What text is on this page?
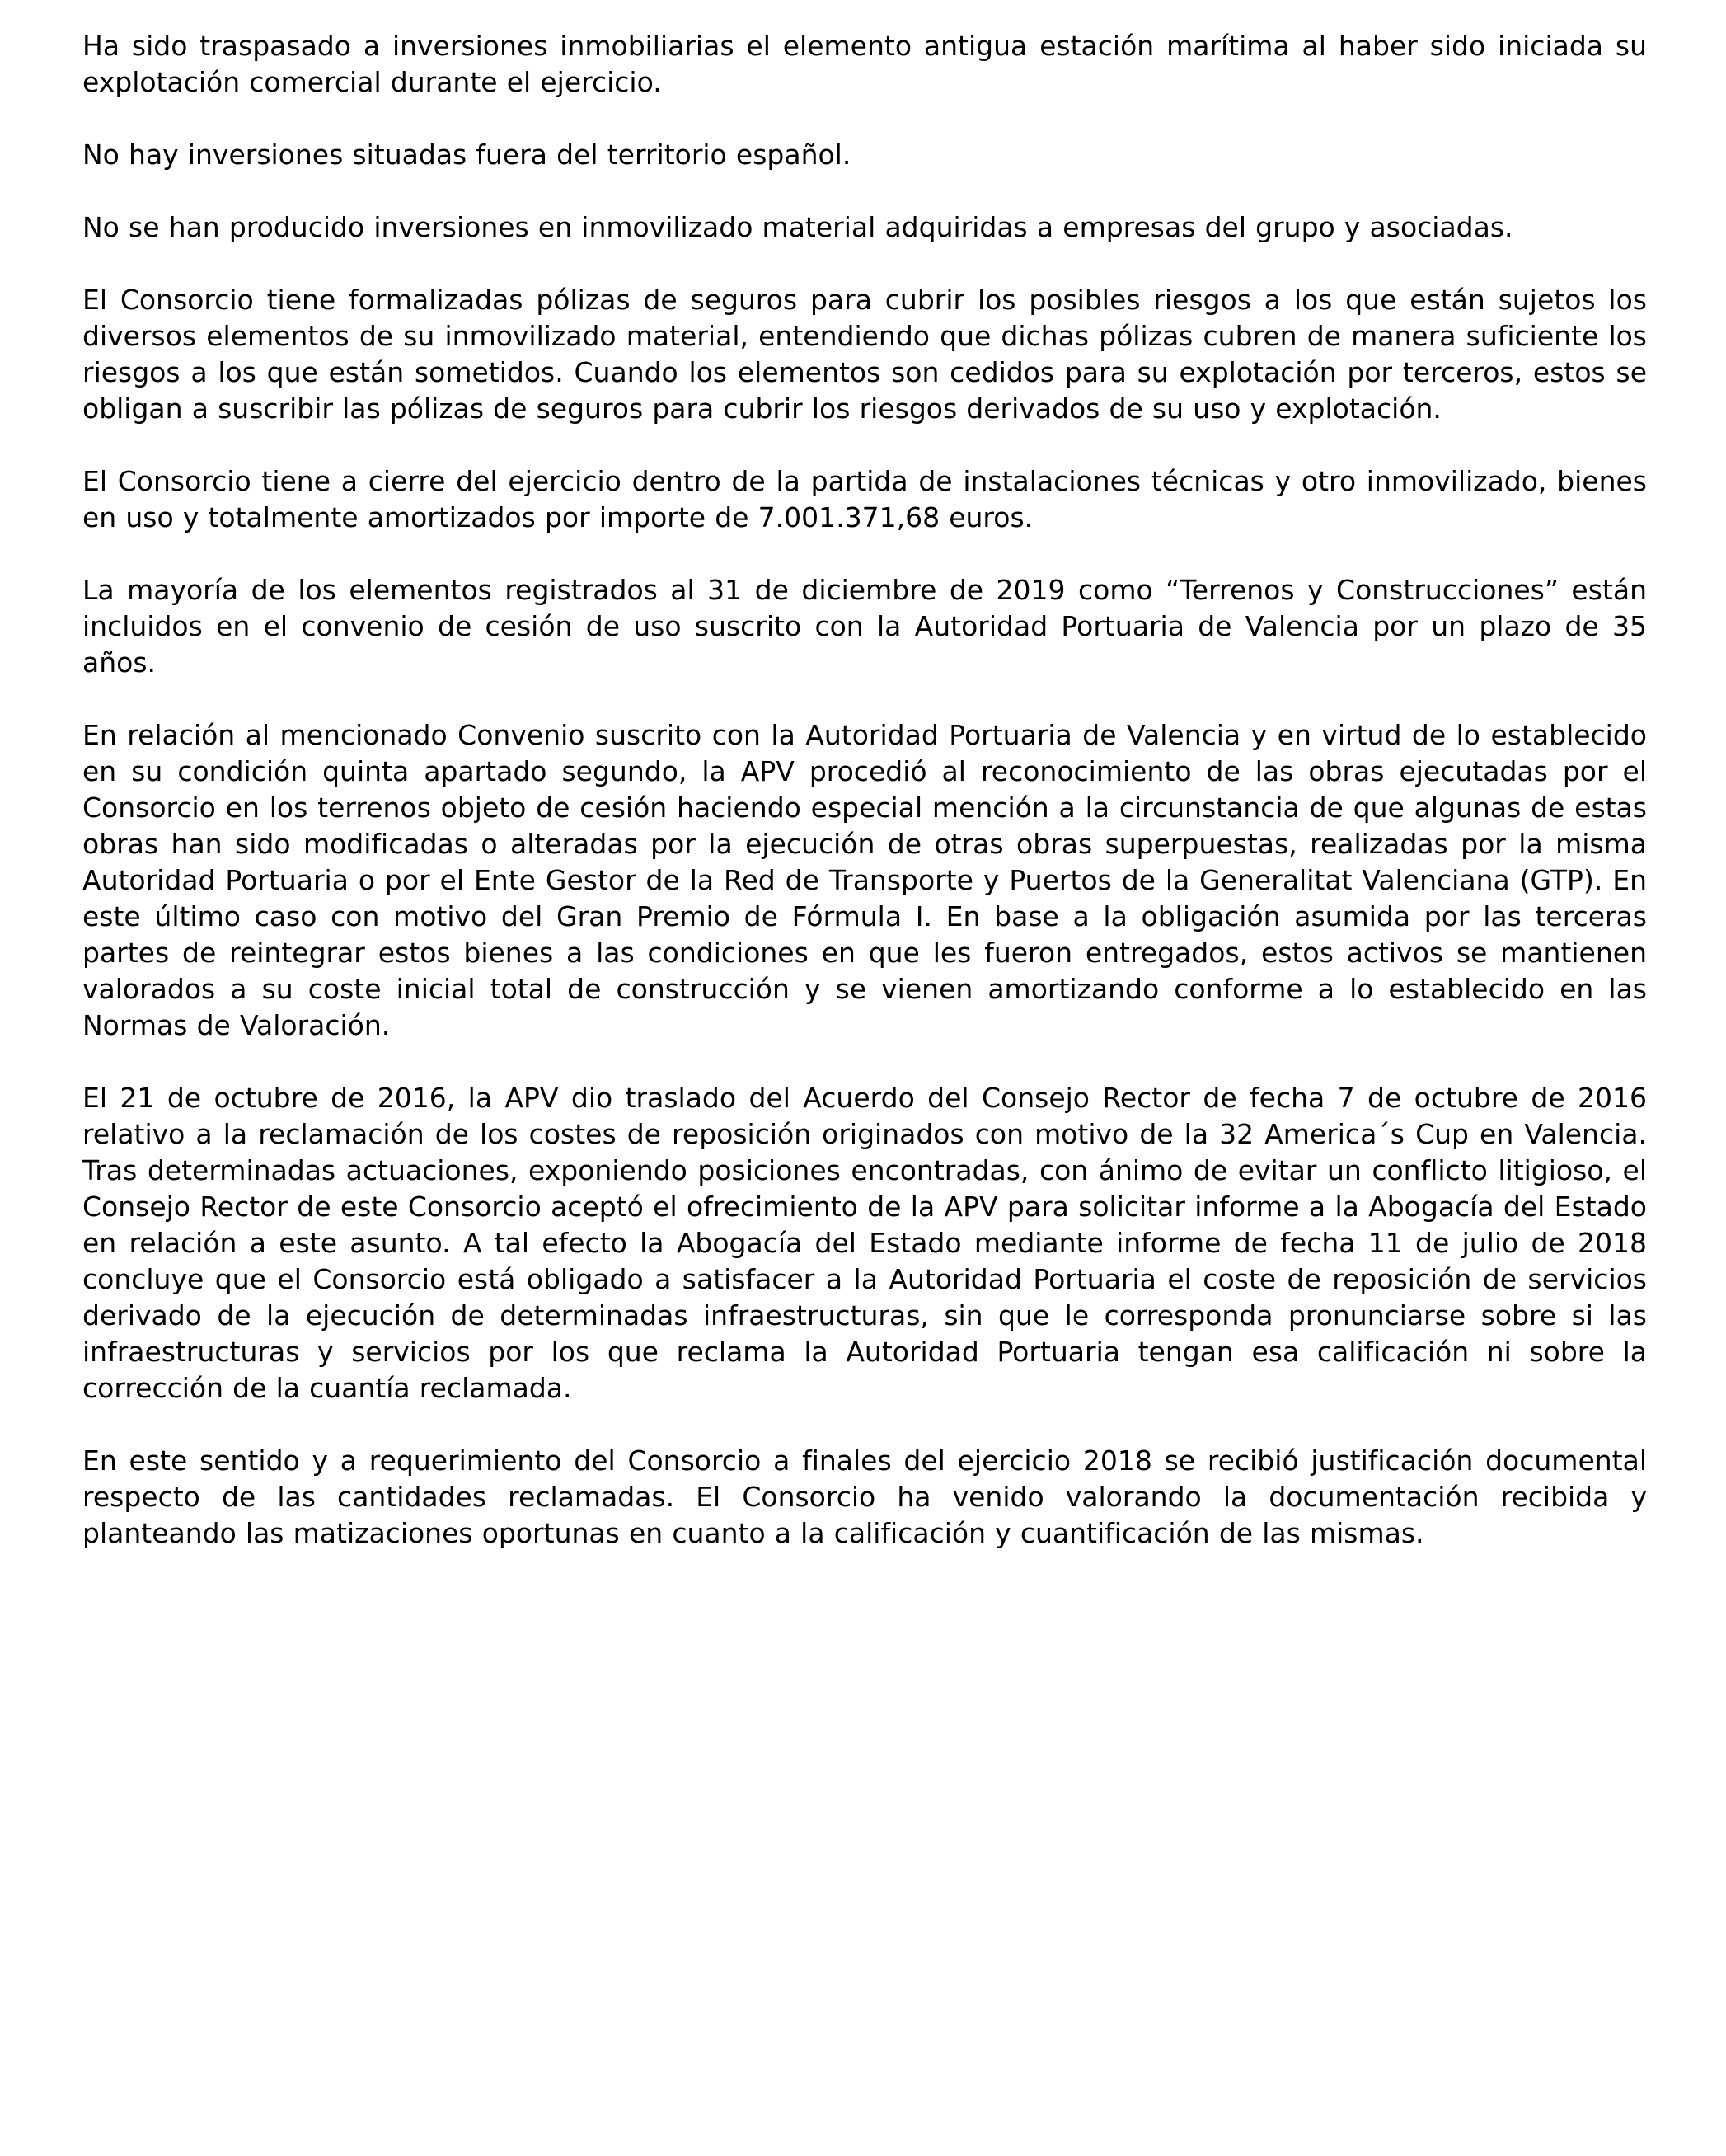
Ha sido traspasado a inversiones inmobiliarias el elemento antigua estación marítima al haber sido iniciada su explotación comercial durante el ejercicio.

No hay inversiones situadas fuera del territorio español.

No se han producido inversiones en inmovilizado material adquiridas a empresas del grupo y asociadas.

El Consorcio tiene formalizadas pólizas de seguros para cubrir los posibles riesgos a los que están sujetos los diversos elementos de su inmovilizado material, entendiendo que dichas pólizas cubren de manera suficiente los riesgos a los que están sometidos. Cuando los elementos son cedidos para su explotación por terceros, estos se obligan a suscribir las pólizas de seguros para cubrir los riesgos derivados de su uso y explotación.

El Consorcio tiene a cierre del ejercicio dentro de la partida de instalaciones técnicas y otro inmovilizado, bienes en uso y totalmente amortizados por importe de 7.001.371,68 euros.

La mayoría de los elementos registrados al 31 de diciembre de 2019 como “Terrenos y Construcciones” están incluidos en el convenio de cesión de uso suscrito con la Autoridad Portuaria de Valencia por un plazo de 35 años.

En relación al mencionado Convenio suscrito con la Autoridad Portuaria de Valencia y en virtud de lo establecido en su condición quinta apartado segundo, la APV procedió al reconocimiento de las obras ejecutadas por el Consorcio en los terrenos objeto de cesión haciendo especial mención a la circunstancia de que algunas de estas obras han sido modificadas o alteradas por la ejecución de otras obras superpuestas, realizadas por la misma Autoridad Portuaria o por el Ente Gestor de la Red de Transporte y Puertos de la Generalitat Valenciana (GTP). En este último caso con motivo del Gran Premio de Fórmula I. En base a la obligación asumida por las terceras partes de reintegrar estos bienes a las condiciones en que les fueron entregados, estos activos se mantienen valorados a su coste inicial total de construcción y se vienen amortizando conforme a lo establecido en las Normas de Valoración.

El 21 de octubre de 2016, la APV dio traslado del Acuerdo del Consejo Rector de fecha 7 de octubre de 2016 relativo a la reclamación de los costes de reposición originados con motivo de la 32 America´s Cup en Valencia. Tras determinadas actuaciones, exponiendo posiciones encontradas, con ánimo de evitar un conflicto litigioso, el Consejo Rector de este Consorcio aceptó el ofrecimiento de la APV para solicitar informe a la Abogacía del Estado en relación a este asunto. A tal efecto la Abogacía del Estado mediante informe de fecha 11 de julio de 2018 concluye que el Consorcio está obligado a satisfacer a la Autoridad Portuaria el coste de reposición de servicios derivado de la ejecución de determinadas infraestructuras, sin que le corresponda pronunciarse sobre si las infraestructuras y servicios por los que reclama la Autoridad Portuaria tengan esa calificación ni sobre la corrección de la cuantía reclamada.

En este sentido y a requerimiento del Consorcio a finales del ejercicio 2018 se recibió justificación documental respecto de las cantidades reclamadas. El Consorcio ha venido valorando la documentación recibida y planteando las matizaciones oportunas en cuanto a la calificación y cuantificación de las mismas.
